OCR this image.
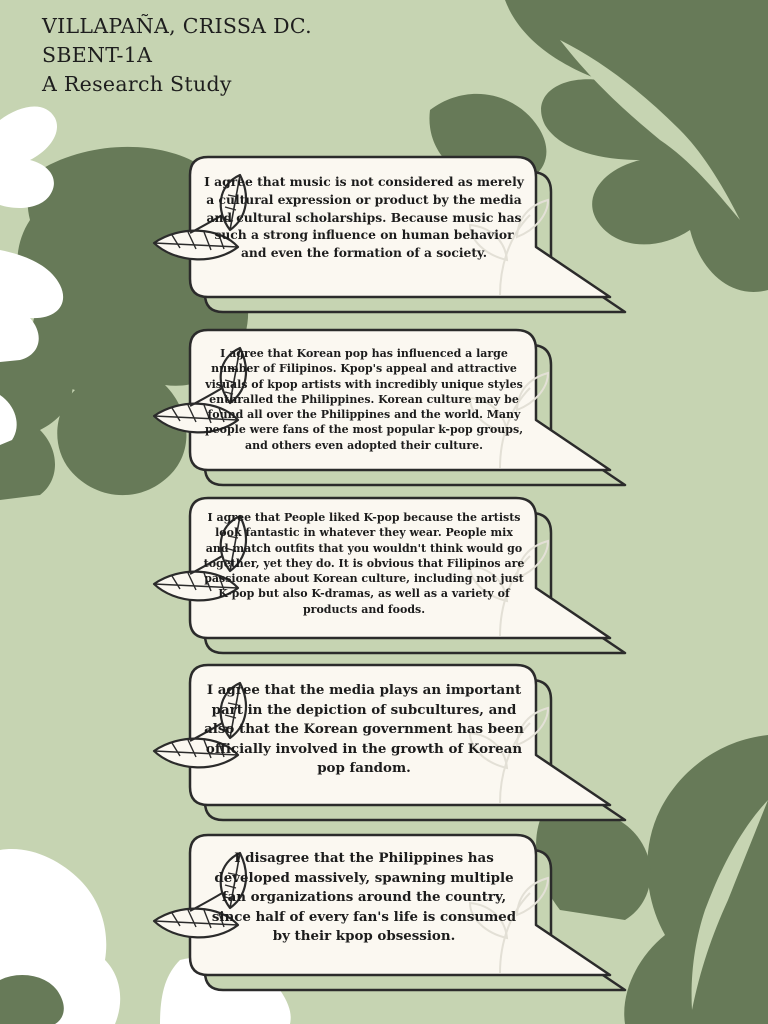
VILLAPAÑA, CRISSA DC.
SBENT-1A
A Research Study
I agree that music is not considered as merely a cultural expression or product by the media and cultural scholarships. Because music has such a strong influence on human behavior and even the formation of a society.
I agree that Korean pop has influenced a large number of Filipinos. Kpop's appeal and attractive visuals of kpop artists with incredibly unique styles enthralled the Philippines. Korean culture may be found all over the Philippines and the world. Many people were fans of the most popular k-pop groups, and others even adopted their culture.
I agree that People liked K-pop because the artists look fantastic in whatever they wear. People mix and match outfits that you wouldn't think would go together, yet they do. It is obvious that Filipinos are passionate about Korean culture, including not just K-pop but also K-dramas, as well as a variety of products and foods.
I agree that the media plays an important part in the depiction of subcultures, and also that the Korean government has been officially involved in the growth of Korean pop fandom.
I disagree that the Philippines has developed massively, spawning multiple fan organizations around the country, since half of every fan's life is consumed by their kpop obsession.
